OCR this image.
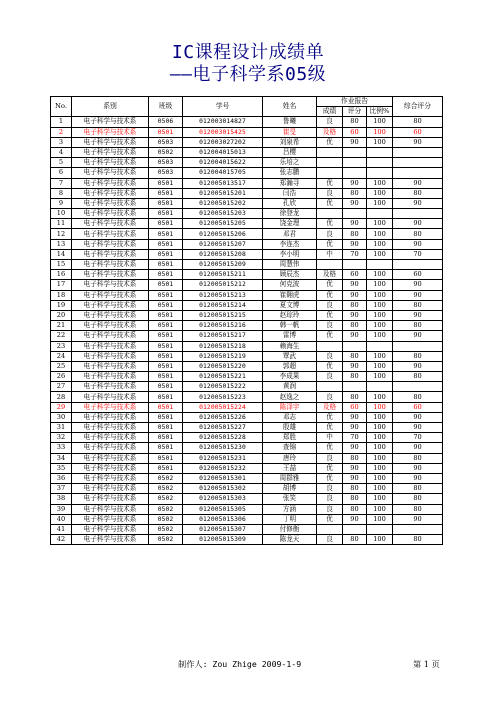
IC课程设计成绩单
——电子科学系05级
No.	系别	班级	学号	姓名	作业报告			综合评分
					成绩	评分	比例%	
1	电子科学与技术系	0506	012003014827	鲁曦	良	80	100	80
2	电子科学与技术系	0501	012003015425	崔旻	及格	60	100	60
3	电子科学与技术系	0503	012003027202	刘泉希	优	90	100	90
4	电子科学与技术系	0502	012004015013	吕樱				
5	电子科学与技术系	0503	012004015622	乐培之				
6	电子科学与技术系	0503	012004015705	张志鹏				
7	电子科学与技术系	0501	012005013517	郑瀚寻	优	90	100	90
8	电子科学与技术系	0501	012005015201	闫浩	良	80	100	80
9	电子科学与技术系	0501	012005015202	孔欣	优	90	100	90
10	电子科学与技术系	0501	012005015203	徐登龙				
11	电子科学与技术系	0501	012005015205	饶金理	优	90	100	90
12	电子科学与技术系	0501	012005015206	邓君	良	80	100	80
13	电子科学与技术系	0501	012005015207	李连杰	优	90	100	90
14	电子科学与技术系	0501	012005015208	李小明	中	70	100	70
15	电子科学与技术系	0501	012005015209	周慧伟				
16	电子科学与技术系	0501	012005015211	顾辰杰	及格	60	100	60
17	电子科学与技术系	0501	012005015212	何克波	优	90	100	90
18	电子科学与技术系	0501	012005015213	崔翱虎	优	90	100	90
19	电子科学与技术系	0501	012005015214	夏文博	良	80	100	80
20	电子科学与技术系	0501	012005015215	赵琮玲	优	90	100	90
21	电子科学与技术系	0501	012005015216	韩一帆	良	80	100	80
22	电子科学与技术系	0501	012005015217	雷博	优	90	100	90
23	电子科学与技术系	0501	012005015218	赖海生				
24	电子科学与技术系	0501	012005015219	覃武	良	80	100	80
25	电子科学与技术系	0501	012005015220	郭超	优	90	100	90
26	电子科学与技术系	0501	012005015221	李成果	良	80	100	80
27	电子科学与技术系	0501	012005015222	黄润				
28	电子科学与技术系	0501	012005015223	赵逸之	良	80	100	80
29	电子科学与技术系	0501	012005015224	陈泽宇	及格	60	100	60
30	电子科学与技术系	0501	012005015226	邓志	优	90	100	90
31	电子科学与技术系	0501	012005015227	殷雄	优	90	100	90
32	电子科学与技术系	0501	012005015228	郑胜	中	70	100	70
33	电子科学与技术系	0501	012005015230	查锦	优	90	100	90
34	电子科学与技术系	0501	012005015231	唐玲	良	80	100	80
35	电子科学与技术系	0501	012005015232	王喆	优	90	100	90
36	电子科学与技术系	0502	012005015301	周群雅	优	90	100	90
37	电子科学与技术系	0502	012005015302	胡博	良	80	100	80
38	电子科学与技术系	0502	012005015303	张笑	良	80	100	80
39	电子科学与技术系	0502	012005015305	方涵	良	80	100	80
40	电子科学与技术系	0502	012005015306	丁明	优	90	100	90
41	电子科学与技术系	0502	012005015307	付修衡				
42	电子科学与技术系	0502	012005015309	陈龙天	良	80	100	80
制作人: Zou Zhige 2009-1-9	第 1 页
